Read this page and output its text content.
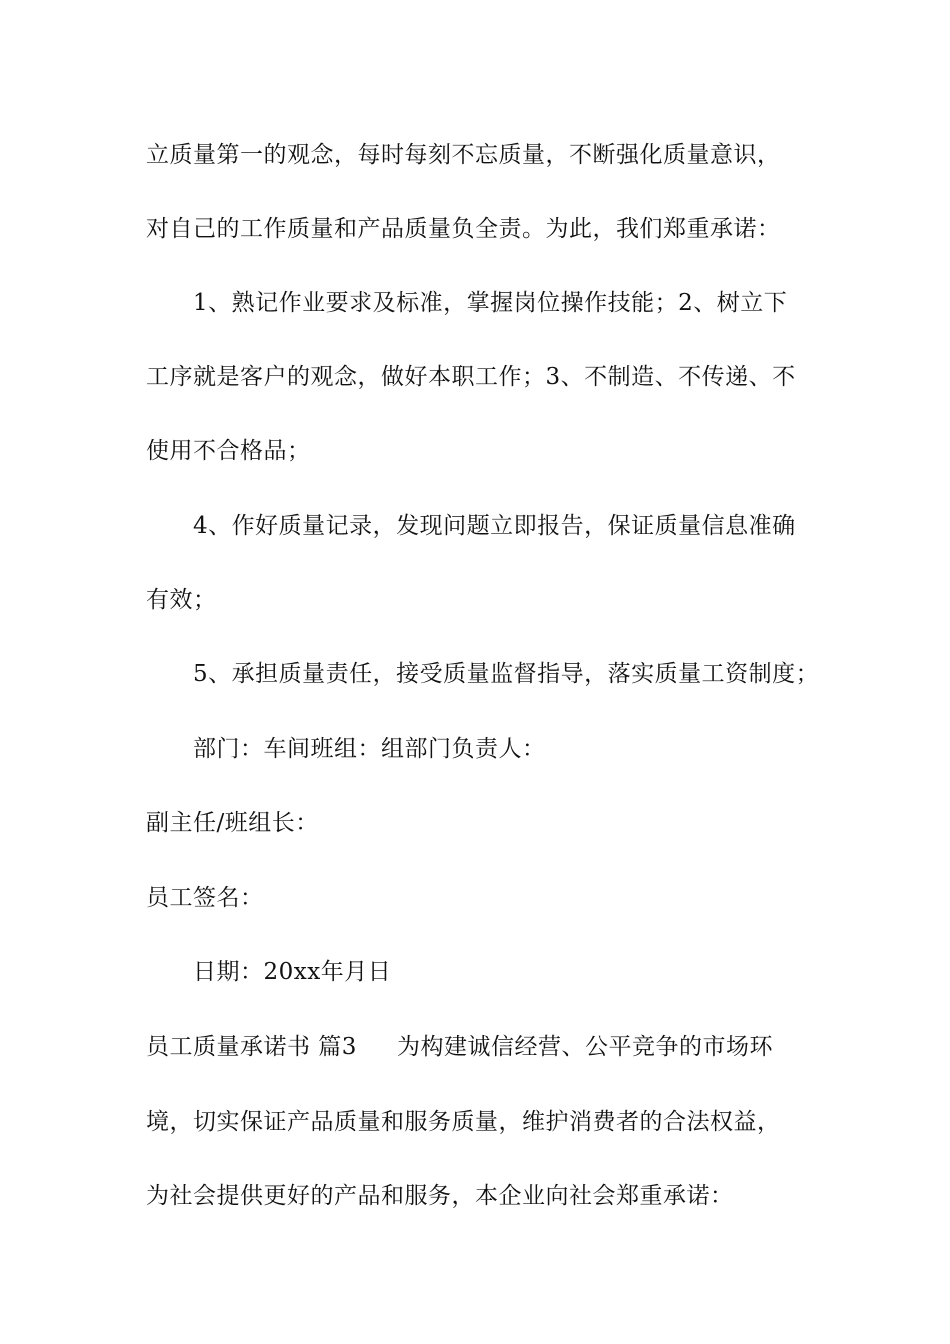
立质量第一的观念，每时每刻不忘质量，不断强化质量意识，
对自己的工作质量和产品质量负全责。为此，我们郑重承诺：
1、熟记作业要求及标准，掌握岗位操作技能；2、树立下
工序就是客户的观念，做好本职工作；3、不制造、不传递、不
使用不合格品；
4、作好质量记录，发现问题立即报告，保证质量信息准确
有效；
5、承担质量责任，接受质量监督指导，落实质量工资制度；
部门：车间班组：组部门负责人：
副主任/班组长：
员工签名：
日期：20xx年月日
员工质量承诺书 篇3 为构建诚信经营、公平竞争的市场环
境，切实保证产品质量和服务质量，维护消费者的合法权益，
为社会提供更好的产品和服务，本企业向社会郑重承诺：
